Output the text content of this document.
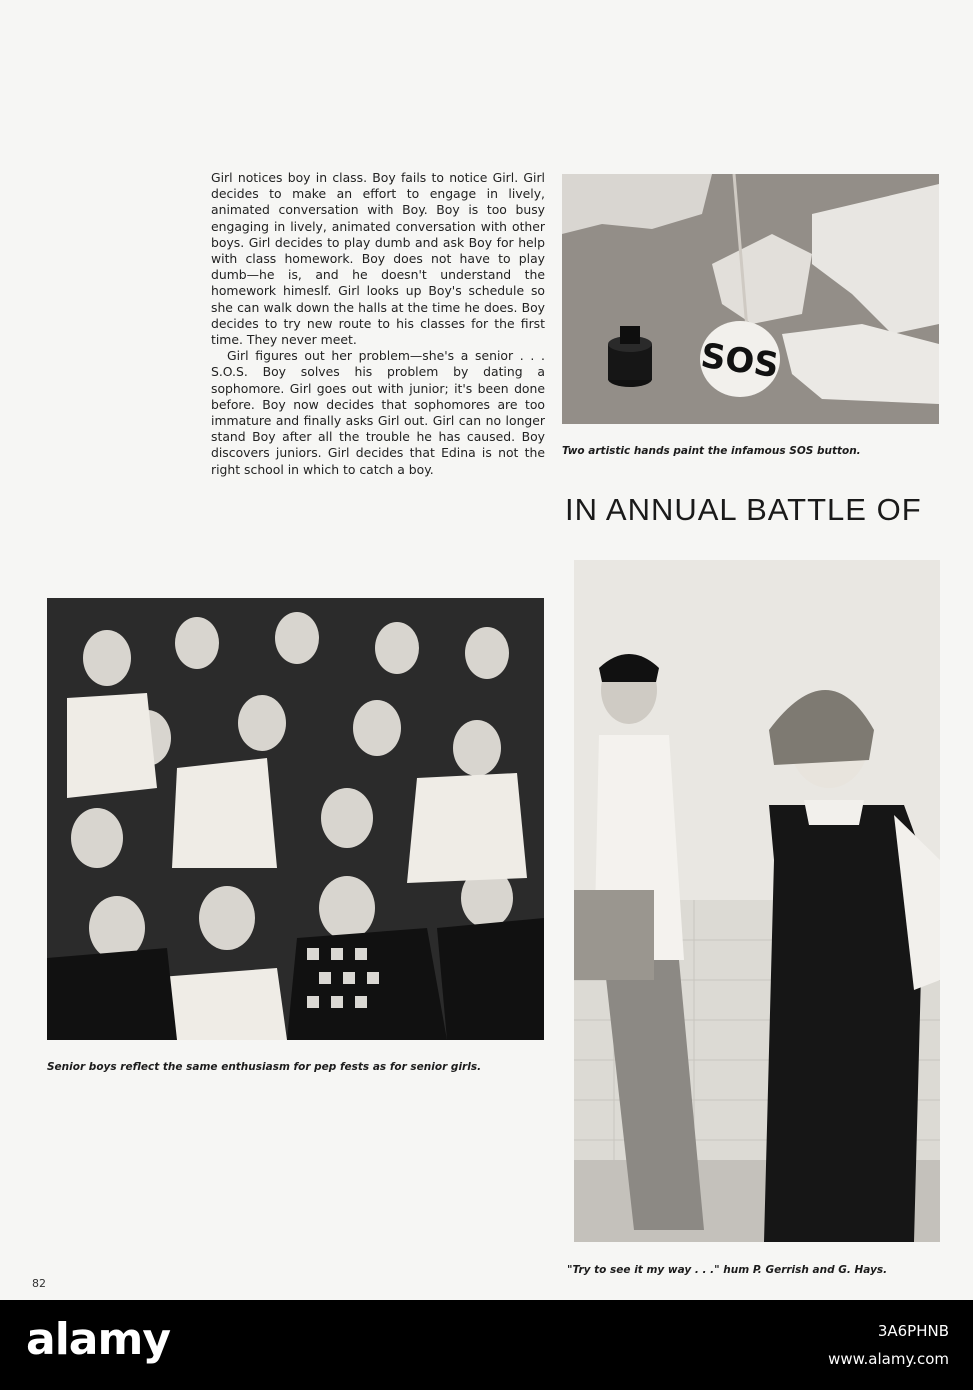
Girl notices boy in class. Boy fails to notice Girl. Girl decides to make an effort to engage in lively, animated conversation with Boy. Boy is too busy engaging in lively, animated conversation with other boys. Girl decides to play dumb and ask Boy for help with class homework. Boy does not have to play dumb—he is, and he doesn't understand the homework himeslf. Girl looks up Boy's schedule so she can walk down the halls at the time he does. Boy decides to try new route to his classes for the first time. They never meet.

Girl figures out her problem—she's a senior . . . S.O.S. Boy solves his problem by dating a sophomore. Girl goes out with junior; it's been done before. Boy now decides that sophomores are too immature and finally asks Girl out. Girl can no longer stand Boy after all the trouble he has caused. Boy discovers juniors. Girl decides that Edina is not the right school in which to catch a boy.

SOS
Two artistic hands paint the infamous SOS button.
IN ANNUAL BATTLE OF
Senior boys reflect the same enthusiasm for pep fests as for senior girls.
"Try to see it my way . . ." hum P. Gerrish and G. Hays.
82
alamy	3A6PHNB
www.alamy.com
